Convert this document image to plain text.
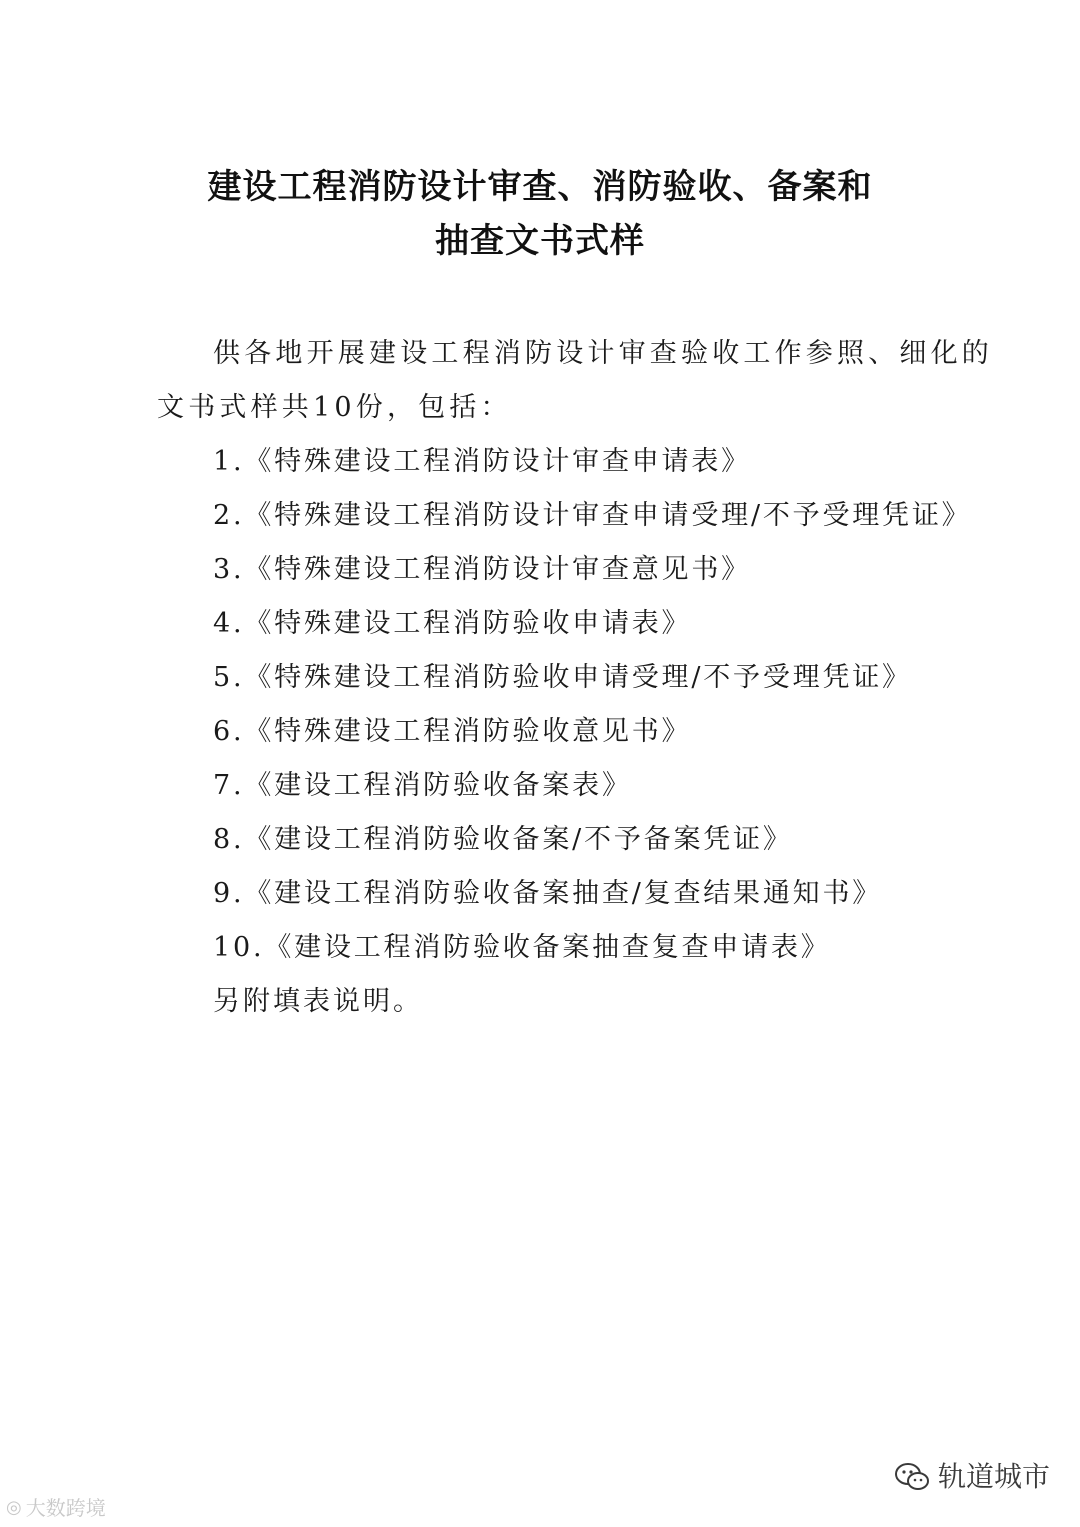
建设工程消防设计审查、消防验收、备案和
抽查文书式样
供各地开展建设工程消防设计审查验收工作参照、细化的
文书式样共10份，包括：
1.《特殊建设工程消防设计审查申请表》
2.《特殊建设工程消防设计审查申请受理/不予受理凭证》
3.《特殊建设工程消防设计审查意见书》
4.《特殊建设工程消防验收申请表》
5.《特殊建设工程消防验收申请受理/不予受理凭证》
6.《特殊建设工程消防验收意见书》
7.《建设工程消防验收备案表》
8.《建设工程消防验收备案/不予备案凭证》
9.《建设工程消防验收备案抽查/复查结果通知书》
10.《建设工程消防验收备案抽查复查申请表》
另附填表说明。
◎ 大数跨境
轨道城市
